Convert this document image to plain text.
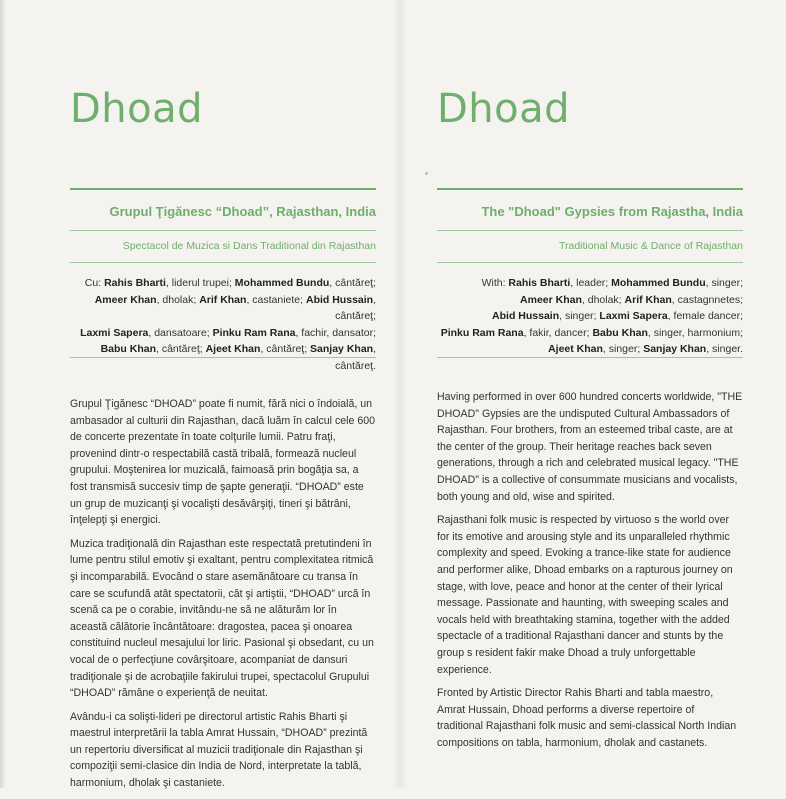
Dhoad
Grupul Ţigănesc “Dhoad”, Rajasthan, India
Spectacol de Muzica si Dans Traditional din Rajasthan
Cu: Rahis Bharti, liderul trupei; Mohammed Bundu, cântăreţ;
Ameer Khan, dholak; Arif Khan, castaniete; Abid Hussain, cântăreţ;
Laxmi Sapera, dansatoare; Pinku Ram Rana, fachir, dansator;
Babu Khan, cântăreţ; Ajeet Khan, cântăreţ; Sanjay Khan, cântăreţ.

Grupul Ţigănesc “DHOAD” poate fi numit, fără nici o îndoială, un ambasador al culturii din Rajasthan, dacă luăm în calcul cele 600 de concerte prezentate în toate colţurile lumii. Patru fraţi, provenind dintr-o respectabilă castă tribală, formează nucleul grupului. Moştenirea lor muzicală, faimoasă prin bogăţia sa, a fost transmisă succesiv timp de şapte generaţii. “DHOAD” este un grup de muzicanţi şi vocalişti desăvârşiţi, tineri şi bătrâni, înţelepţi şi energici.

Muzica tradiţională din Rajasthan este respectată pretutindeni în lume pentru stilul emotiv şi exaltant, pentru complexitatea ritmică şi incomparabilă. Evocând o stare asemănătoare cu transa în care se scufundă atât spectatorii, cât şi artiştii, “DHOAD” urcă în scenă ca pe o corabie, invitându-ne să ne alăturăm lor în această călătorie încântătoare: dragostea, pacea şi onoarea constituind nucleul mesajului lor liric. Pasional şi obsedant, cu un vocal de o perfecţiune covârşitoare, acompaniat de dansuri tradiţionale şi de acrobaţiile fakirului trupei, spectacolul Grupului “DHOAD” rămâne o experienţă de neuitat.

Avându-i ca solişti-lideri pe directorul artistic Rahis Bharti şi maestrul interpretării la tabla Amrat Hussain, “DHOAD” prezintă un repertoriu diversificat al muzicii tradiţionale din Rajasthan şi compoziţii semi-clasice din India de Nord, interpretate la tablă, harmonium, dholak şi castaniete.

Dhoad
The "Dhoad" Gypsies from Rajastha, India
Traditional Music & Dance of Rajasthan
With: Rahis Bharti, leader; Mohammed Bundu, singer;
Ameer Khan, dholak; Arif Khan, castagnnetes;
Abid Hussain, singer; Laxmi Sapera, female dancer;
Pinku Ram Rana, fakir, dancer; Babu Khan, singer, harmonium;
Ajeet Khan, singer; Sanjay Khan, singer.

Having performed in over 600 hundred concerts worldwide, "THE DHOAD" Gypsies are the undisputed Cultural Ambassadors of Rajasthan. Four brothers, from an esteemed tribal caste, are at the center of the group. Their heritage reaches back seven generations, through a rich and celebrated musical legacy. "THE DHOAD" is a collective of consummate musicians and vocalists, both young and old, wise and spirited.

Rajasthani folk music is respected by virtuoso s the world over for its emotive and arousing style and its unparalleled rhythmic complexity and speed. Evoking a trance-like state for audience and performer alike, Dhoad embarks on a rapturous journey on stage, with love, peace and honor at the center of their lyrical message. Passionate and haunting, with sweeping scales and vocals held with breathtaking stamina, together with the added spectacle of a traditional Rajasthani dancer and stunts by the group s resident fakir make Dhoad a truly unforgettable experience.

Fronted by Artistic Director Rahis Bharti and tabla maestro, Amrat Hussain, Dhoad performs a diverse repertoire of traditional Rajasthani folk music and semi-classical North Indian compositions on tabla, harmonium, dholak and castanets.
